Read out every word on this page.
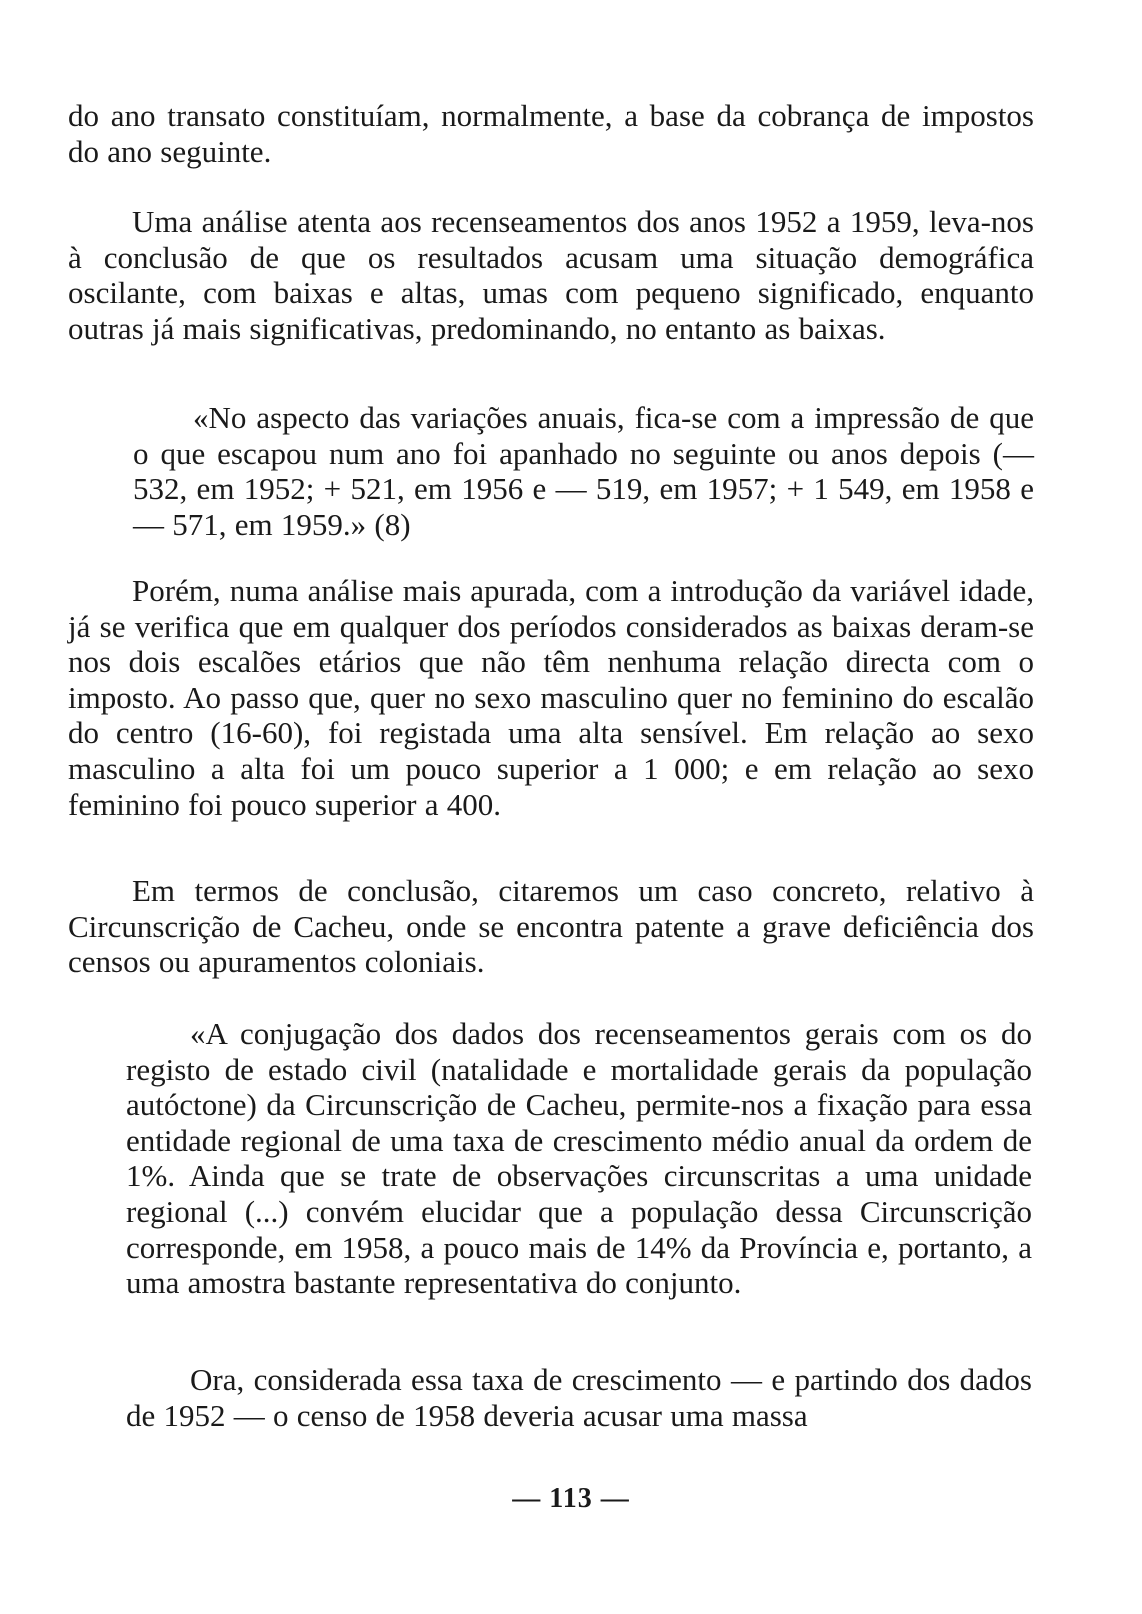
do ano transato constituíam, normalmente, a base da cobrança de impostos do ano seguinte.

Uma análise atenta aos recenseamentos dos anos 1952 a 1959, leva-nos à conclusão de que os resultados acusam uma situação demográfica oscilante, com baixas e altas, umas com pequeno significado, enquanto outras já mais significativas, predominando, no entanto as baixas.

«No aspecto das variações anuais, fica-se com a impressão de que o que escapou num ano foi apanhado no seguinte ou anos depois (— 532, em 1952; + 521, em 1956 e — 519, em 1957; + 1 549, em 1958 e — 571, em 1959.» (8)

Porém, numa análise mais apurada, com a introdução da variável idade, já se verifica que em qualquer dos períodos considerados as baixas deram-se nos dois escalões etários que não têm nenhuma relação directa com o imposto. Ao passo que, quer no sexo masculino quer no feminino do escalão do centro (16-60), foi registada uma alta sensível. Em relação ao sexo masculino a alta foi um pouco superior a 1 000; e em relação ao sexo feminino foi pouco superior a 400.

Em termos de conclusão, citaremos um caso concreto, relativo à Circunscrição de Cacheu, onde se encontra patente a grave deficiência dos censos ou apuramentos coloniais.

«A conjugação dos dados dos recenseamentos gerais com os do registo de estado civil (natalidade e mortalidade gerais da população autóctone) da Circunscrição de Cacheu, permite-nos a fixação para essa entidade regional de uma taxa de crescimento médio anual da ordem de 1%. Ainda que se trate de observações circunscritas a uma unidade regional (...) convém elucidar que a população dessa Circunscrição corresponde, em 1958, a pouco mais de 14% da Província e, portanto, a uma amostra bastante representativa do conjunto.

Ora, considerada essa taxa de crescimento — e partindo dos dados de 1952 — o censo de 1958 deveria acusar uma massa

— 113 —
